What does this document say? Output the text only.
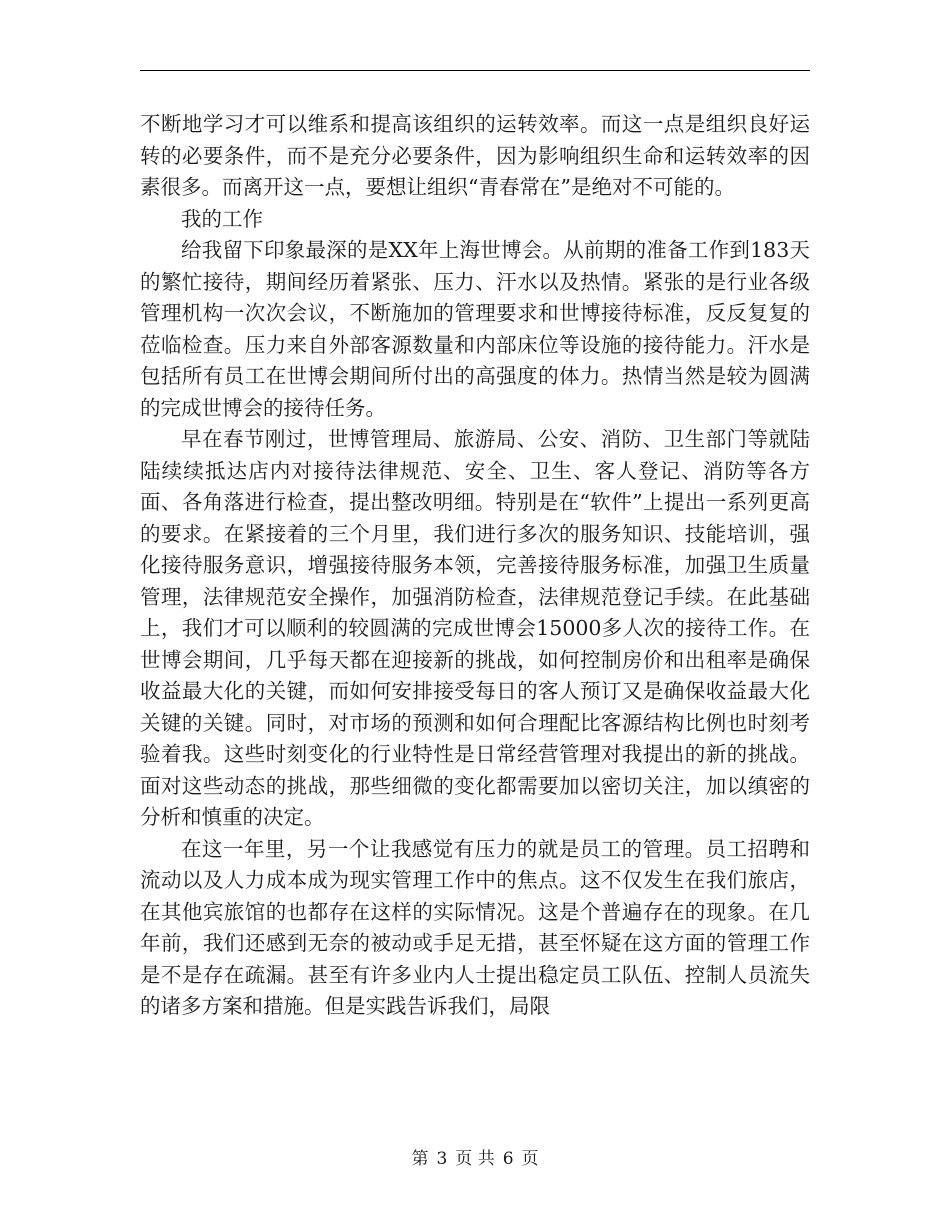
不断地学习才可以维系和提高该组织的运转效率。而这一点是组织良好运转的必要条件，而不是充分必要条件，因为影响组织生命和运转效率的因素很多。而离开这一点，要想让组织“青春常在”是绝对不可能的。

我的工作

给我留下印象最深的是XX年上海世博会。从前期的准备工作到183天的繁忙接待，期间经历着紧张、压力、汗水以及热情。紧张的是行业各级管理机构一次次会议，不断施加的管理要求和世博接待标准，反反复复的莅临检查。压力来自外部客源数量和内部床位等设施的接待能力。汗水是包括所有员工在世博会期间所付出的高强度的体力。热情当然是较为圆满的完成世博会的接待任务。

早在春节刚过，世博管理局、旅游局、公安、消防、卫生部门等就陆陆续续抵达店内对接待法律规范、安全、卫生、客人登记、消防等各方面、各角落进行检查，提出整改明细。特别是在“软件”上提出一系列更高的要求。在紧接着的三个月里，我们进行多次的服务知识、技能培训，强化接待服务意识，增强接待服务本领，完善接待服务标准，加强卫生质量管理，法律规范安全操作，加强消防检查，法律规范登记手续。在此基础上，我们才可以顺利的较圆满的完成世博会15000多人次的接待工作。在世博会期间，几乎每天都在迎接新的挑战，如何控制房价和出租率是确保收益最大化的关键，而如何安排接受每日的客人预订又是确保收益最大化关键的关键。同时，对市场的预测和如何合理配比客源结构比例也时刻考验着我。这些时刻变化的行业特性是日常经营管理对我提出的新的挑战。面对这些动态的挑战，那些细微的变化都需要加以密切关注，加以缜密的分析和慎重的决定。

在这一年里，另一个让我感觉有压力的就是员工的管理。员工招聘和流动以及人力成本成为现实管理工作中的焦点。这不仅发生在我们旅店，在其他宾旅馆的也都存在这样的实际情况。这是个普遍存在的现象。在几年前，我们还感到无奈的被动或手足无措，甚至怀疑在这方面的管理工作是不是存在疏漏。甚至有许多业内人士提出稳定员工队伍、控制人员流失的诸多方案和措施。但是实践告诉我们，局限

第 3 页 共 6 页
